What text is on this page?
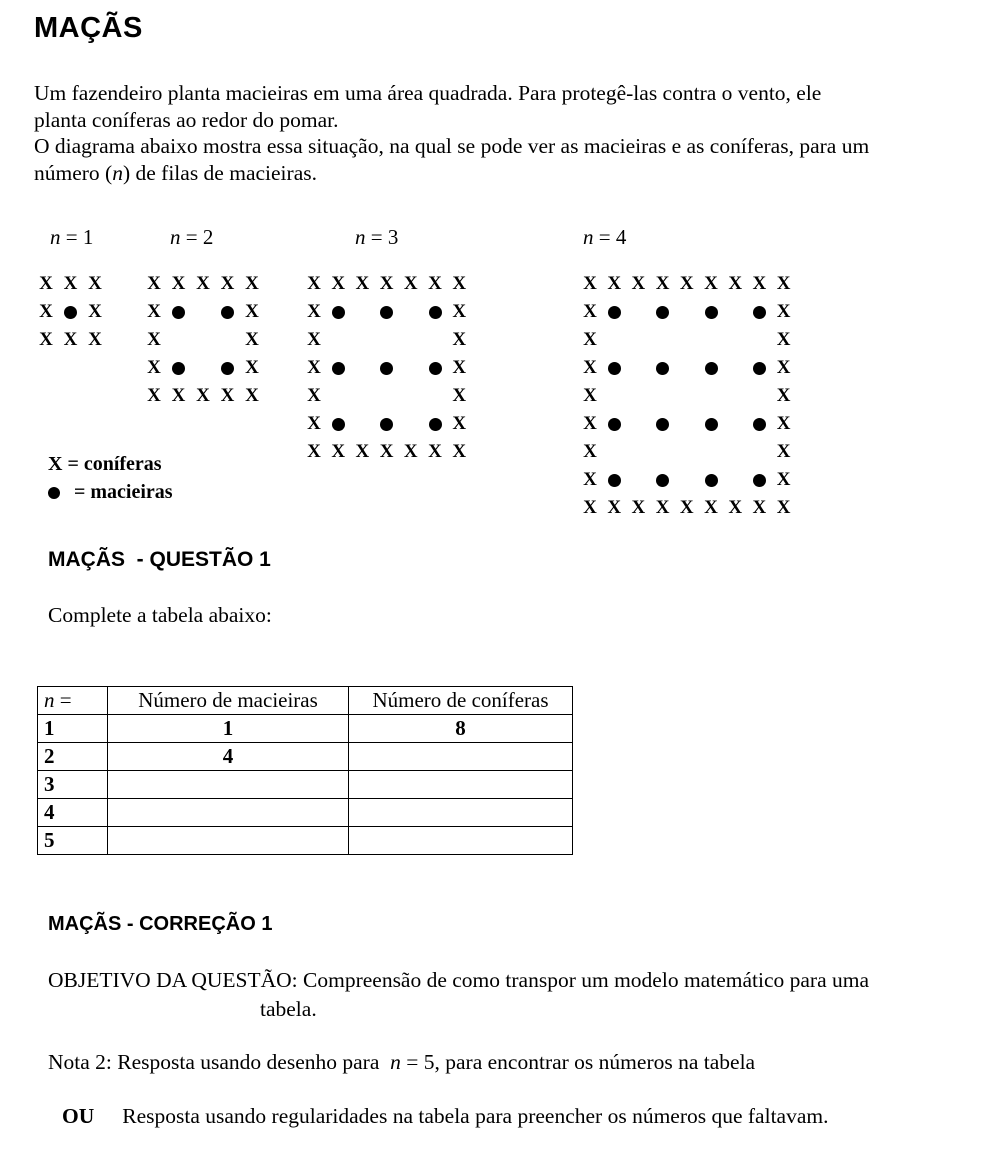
MAÇÃS
Um fazendeiro planta macieiras em uma área quadrada. Para protegê-las contra o vento, ele
planta coníferas ao redor do pomar.
O diagrama abaixo mostra essa situação, na qual se pode ver as macieiras e as coníferas, para um
número (n) de filas de macieiras.
n = 1	n = 2	n = 3	n = 4
X X X
X X
X X X
X X X X X
X	X
X	X
X	X
X X X X X
X X X X X X X
X	X
X	X
X	X
X	X
X	X
X X X X X X X
X X X X X X X X X
X	X
X	X
X	X
X	X
X	X
X	X
X	X
X X X X X X X X X
X = coníferas
= macieiras
MAÇÃS  - QUESTÃO 1
Complete a tabela abaixo:
n =	Número de macieiras	Número de coníferas
1	1	8
2	4	
3		
4		
5		
MAÇÃS - CORREÇÃO 1
OBJETIVO DA QUESTÃO: Compreensão de como transpor um modelo matemático para uma
tabela.
Nota 2: Resposta usando desenho para  n = 5, para encontrar os números na tabela
OU Resposta usando regularidades na tabela para preencher os números que faltavam.
